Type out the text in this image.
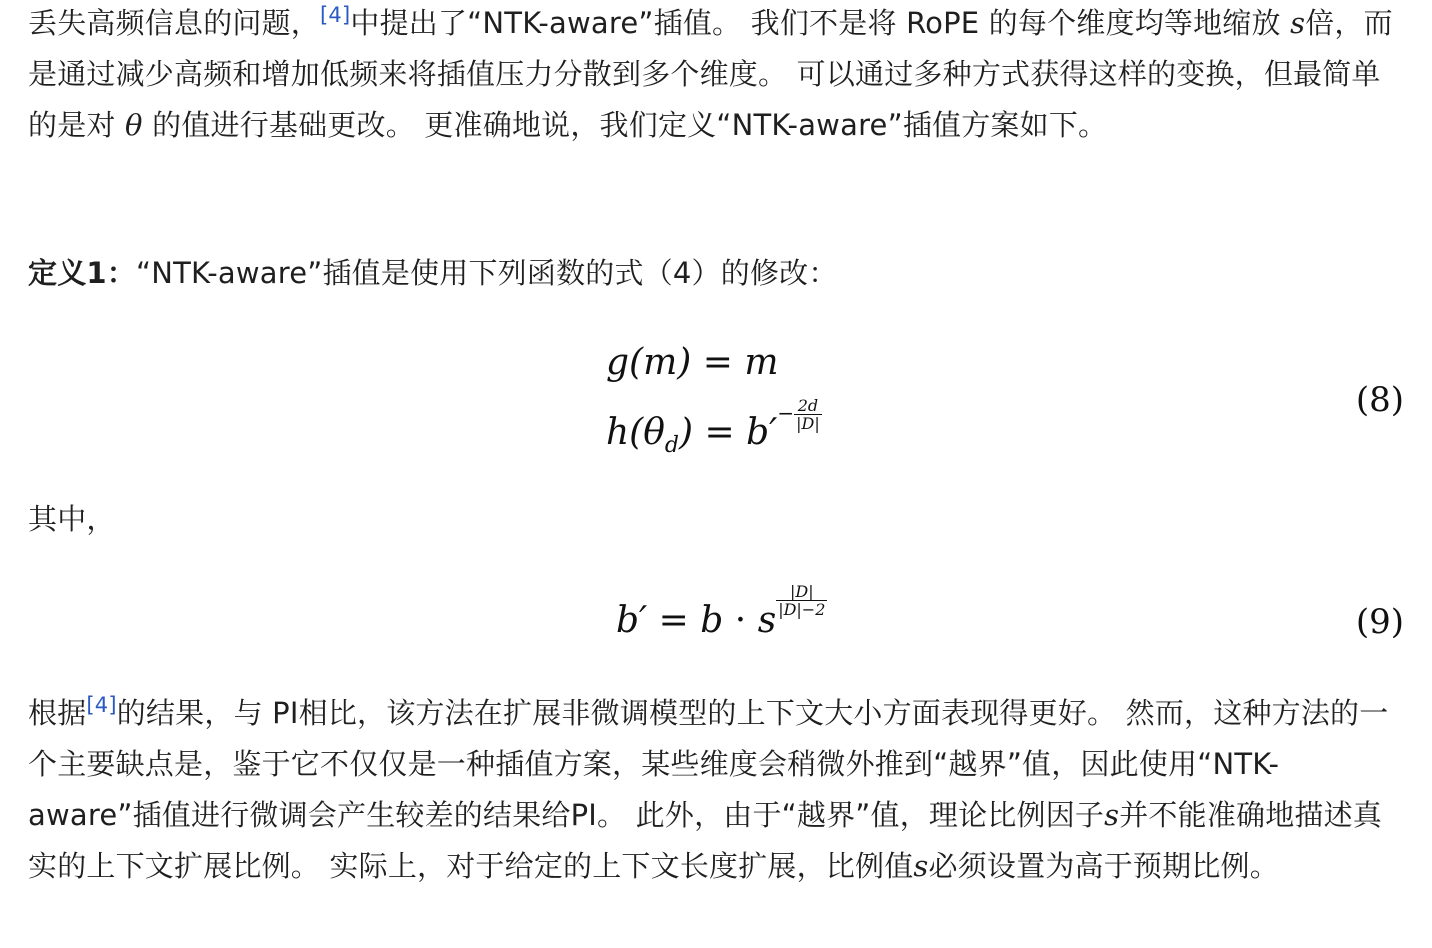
丢失高频信息的问题，[4]中提出了“NTK-aware”插值。 我们不是将 RoPE 的每个维度均等地缩放 s倍，而是通过减少高频和增加低频来将插值压力分散到多个维度。 可以通过多种方式获得这样的变换，但最简单的是对 θ 的值进行基础更改。 更准确地说，我们定义“NTK-aware”插值方案如下。

定义1：“NTK-aware”插值是使用下列函数的式（4）的修改：

其中，

根据[4]的结果，与 PI相比，该方法在扩展非微调模型的上下文大小方面表现得更好。 然而，这种方法的一个主要缺点是，鉴于它不仅仅是一种插值方案，某些维度会稍微外推到“越界”值，因此使用“NTK-aware”插值进行微调会产生较差的结果给PI。 此外，由于“越界”值，理论比例因子s并不能准确地描述真实的上下文扩展比例。 实际上，对于给定的上下文长度扩展，比例值s必须设置为高于预期比例。

g(m) = m
$h(\theta_d) = b'- \frac{2d}{|D|}$	(8)
b′ = b · s $\frac{|D|}{|D|-2}$
(9)
